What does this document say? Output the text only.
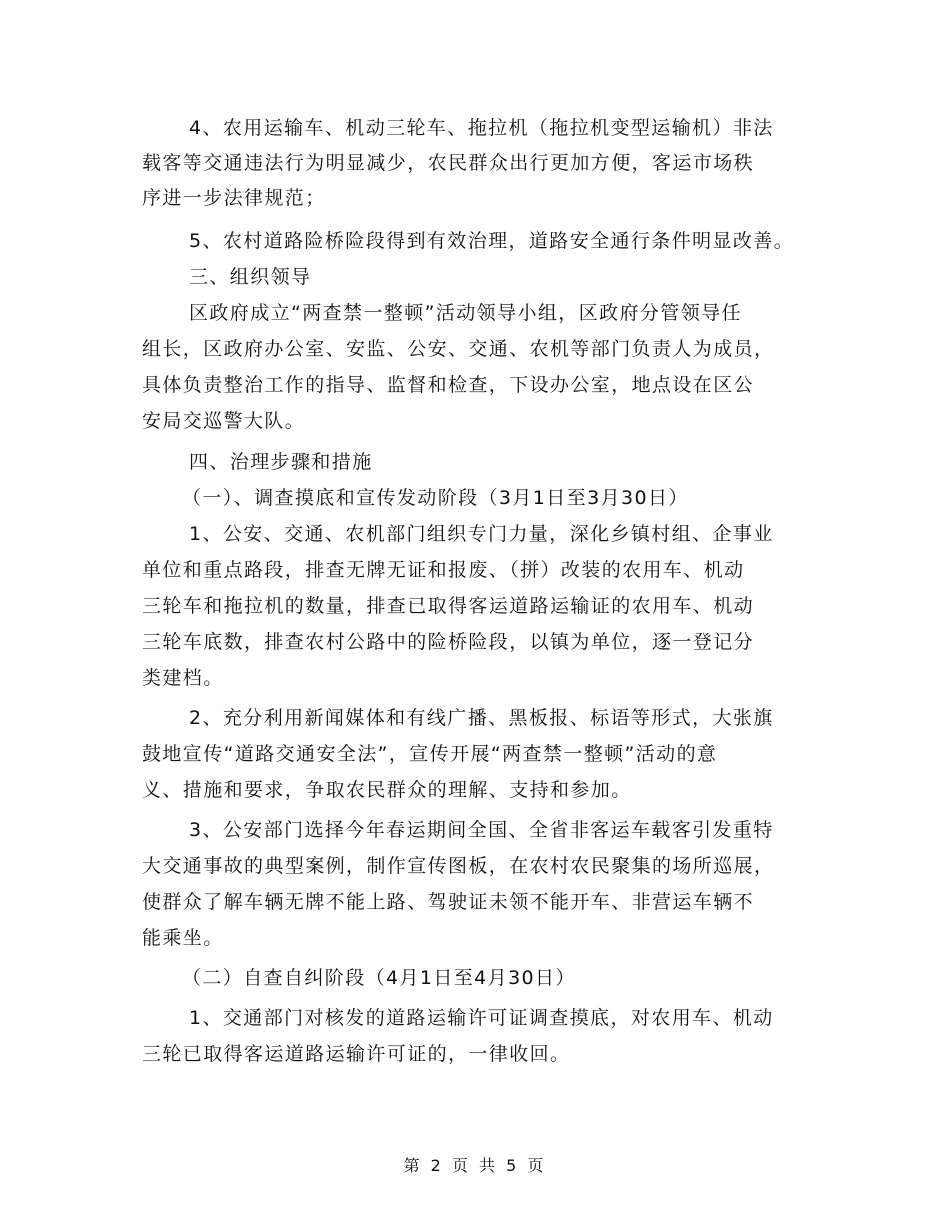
4、农用运输车、机动三轮车、拖拉机（拖拉机变型运输机）非法
载客等交通违法行为明显减少，农民群众出行更加方便，客运市场秩
序进一步法律规范；
5、农村道路险桥险段得到有效治理，道路安全通行条件明显改善。
三、组织领导
区政府成立“两查禁一整顿”活动领导小组，区政府分管领导任
组长，区政府办公室、安监、公安、交通、农机等部门负责人为成员，
具体负责整治工作的指导、监督和检查，下设办公室，地点设在区公
安局交巡警大队。
四、治理步骤和措施
（一）、调查摸底和宣传发动阶段（3月1日至3月30日）
1、公安、交通、农机部门组织专门力量，深化乡镇村组、企事业
单位和重点路段，排查无牌无证和报废、（拼）改装的农用车、机动
三轮车和拖拉机的数量，排查已取得客运道路运输证的农用车、机动
三轮车底数，排查农村公路中的险桥险段，以镇为单位，逐一登记分
类建档。
2、充分利用新闻媒体和有线广播、黑板报、标语等形式，大张旗
鼓地宣传“道路交通安全法”，宣传开展“两查禁一整顿”活动的意
义、措施和要求，争取农民群众的理解、支持和参加。
3、公安部门选择今年春运期间全国、全省非客运车载客引发重特
大交通事故的典型案例，制作宣传图板，在农村农民聚集的场所巡展，
使群众了解车辆无牌不能上路、驾驶证未领不能开车、非营运车辆不
能乘坐。
（二）自查自纠阶段（4月1日至4月30日）
1、交通部门对核发的道路运输许可证调查摸底，对农用车、机动
三轮已取得客运道路运输许可证的，一律收回。
第 2 页 共 5 页
